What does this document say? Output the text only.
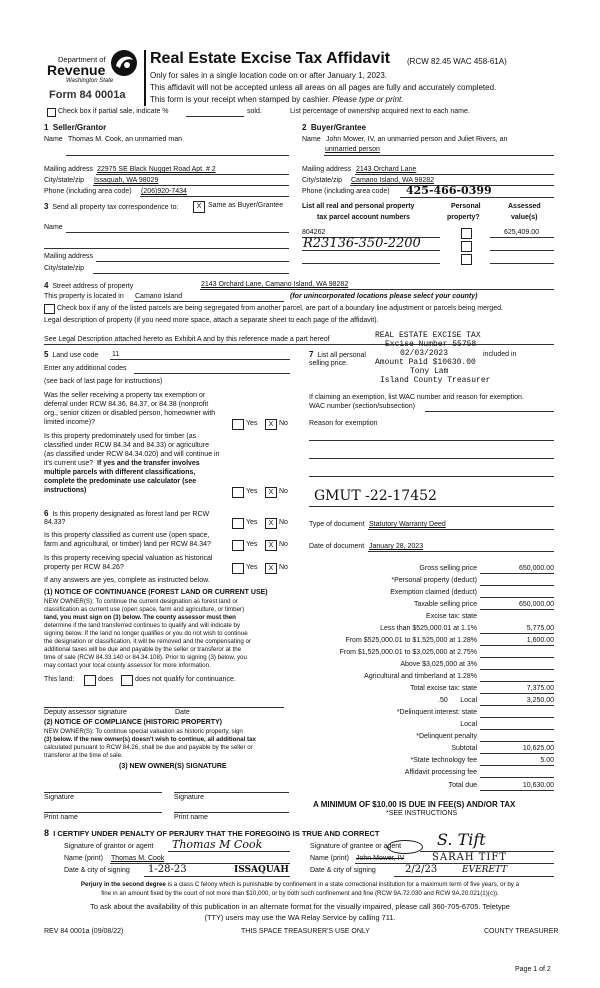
Department of
Revenue
Washington State
Form 84 0001a
Real Estate Excise Tax Affidavit (RCW 82.45 WAC 458-61A)
Only for sales in a single location code on or after January 1, 2023.
This affidavit will not be accepted unless all areas on all pages are fully and accurately completed.
This form is your receipt when stamped by cashier. Please type or print.
Check box if partial sale, indicate %	sold.	List percentage of ownership acquired next to each name.
1 Seller/Grantor
Name Thomas M. Cook, an unmarried man
Mailing address 22975 SE Black Nugget Road Apt. # 2
City/state/zip Issaquah, WA 98029
Phone (including area code) (206)920-7434
2 Buyer/Grantee
Name John Mower, IV, an unmarried person and Juliet Rivers, an
unmarried person
Mailing address 2143 Orchard Lane
City/state/zip Camano Island, WA 98282
Phone (including area code) 425-466-0399
3 Send all property tax correspondence to:	X Same as Buyer/Grantee
Name
Mailing address
City/state/zip
List all real and personal property
tax parcel account numbers
Personal
property?
Assessed
value(s)
804262	625,409.00
R23136-350-2200
4 Street address of property	2143 Orchard Lane, Camano Island, WA 98282
This property is located in Camano Island	(for unincorporated locations please select your county)
Check box if any of the listed parcels are being segregated from another parcel, are part of a boundary line adjustment or parcels being merged.
Legal description of property (if you need more space, attach a separate sheet to each page of the affidavit).
See Legal Description attached hereto as Exhibit A and by this reference made a part hereof	REAL ESTATE EXCISE TAX
Excise Number 55758
02/03/2023
Amount Paid $10630.00
Tony Lam
Island County Treasurer
5 Land use code 11
Enter any additional codes
(see back of last page for instructions)
Was the seller receiving a property tax exemption or
deferral under RCW 84.36, 84.37, or 84.38 (nonprofit
org., senior citizen or disabled person, homeowner with
limited income)?	Yes	X No
Is this property predominately used for timber (as
classified under RCW 84.34 and 84.33) or agriculture
(as classified under RCW 84.34.020) and will continue in
it's current use? If yes and the transfer involves
multiple parcels with different classifications,
complete the predominate use calculator (see
instructions)	Yes	X No
7 List all personal	included in
selling price.
If claiming an exemption, list WAC number and reason for exemption.
WAC number (section/subsection)
Reason for exemption
GMUT -22-17452
Type of document Statutory Warranty Deed
Date of document January 28, 2023
6 Is this property designated as forest land per RCW
84.33?	Yes	X No
Is this property classified as current use (open space,
farm and agricultural, or timber) land per RCW 84.34?	Yes	X No
Is this property receiving special valuation as historical
property per RCW 84.26?	Yes	X No
If any answers are yes, complete as instructed below.
(1) NOTICE OF CONTINUANCE (FOREST LAND OR CURRENT USE)
NEW OWNER(S): To continue the current designation as forest land or
classification as current use (open space, farm and agriculture, or timber)
land, you must sign on (3) below. The county assessor must then
determine if the land transferred continues to qualify and will indicate by
signing below. If the land no longer qualifies or you do not wish to continue
the designation or classification, it will be removed and the compensating or
additional taxes will be due and payable by the seller or transferor at the
time of sale (RCW 84.33.140 or 84.34.108). Prior to signing (3) below, you
may contact your local county assessor for more information.
This land:	does	does not qualify for continuance.
Deputy assessor signature	Date
(2) NOTICE OF COMPLIANCE (HISTORIC PROPERTY)
NEW OWNER(S): To continue special valuation as historic property, sign
(3) below. If the new owner(s) doesn't wish to continue, all additional tax
calculated pursuant to RCW 84.26, shall be due and payable by the seller or
transferor at the time of sale.
(3) NEW OWNER(S) SIGNATURE
Signature	Signature
Print name	Print name
Gross selling price	650,000.00
*Personal property (deduct)
Exemption claimed (deduct)
Taxable selling price	650,000.00
Excise tax: state
Less than $525,000.01 at 1.1%	5,775.00
From $525,000.01 to $1,525,000 at 1.28%	1,600.00
From $1,525,000.01 to $3,025,000 at 2.75%
Above $3,025,000 at 3%
Agricultural and timberland at 1.28%
Total excise tax: state	7,375.00
.50 Local	3,250.00
*Delinquent interest: state
Local
*Delinquent penalty
Subtotal	10,625.00
*State technology fee	5.00
Affidavit processing fee
Total due	10,630.00
A MINIMUM OF $10.00 IS DUE IN FEE(S) AND/OR TAX
*SEE INSTRUCTIONS
8 I CERTIFY UNDER PENALTY OF PERJURY THAT THE FOREGOING IS TRUE AND CORRECT
Signature of grantor or agent Thomas M Cook
Name (print) Thomas M. Cook
Date & city of signing 1-28-23	ISSAQUAH
Signature of grantee or agent S. Tift
Name (print) John Mower, IV	SARAH TIFT
Date & city of signing	2/2/23	EVERETT
Perjury in the second degree is a class C felony which is punishable by confinement in a state correctional institution for a maximum term of five years, or by a
fine in an amount fixed by the court of not more than $10,000, or by both such confinement and fine (RCW 9A.72.030 and RCW 9A.20.021(1)(c)).
To ask about the availability of this publication in an alternate format for the visually impaired, please call 360-705-6705. Teletype
(TTY) users may use the WA Relay Service by calling 711.
REV 84 0001a (09/08/22)	THIS SPACE TREASURER'S USE ONLY	COUNTY TREASURER
Page 1 of 2
